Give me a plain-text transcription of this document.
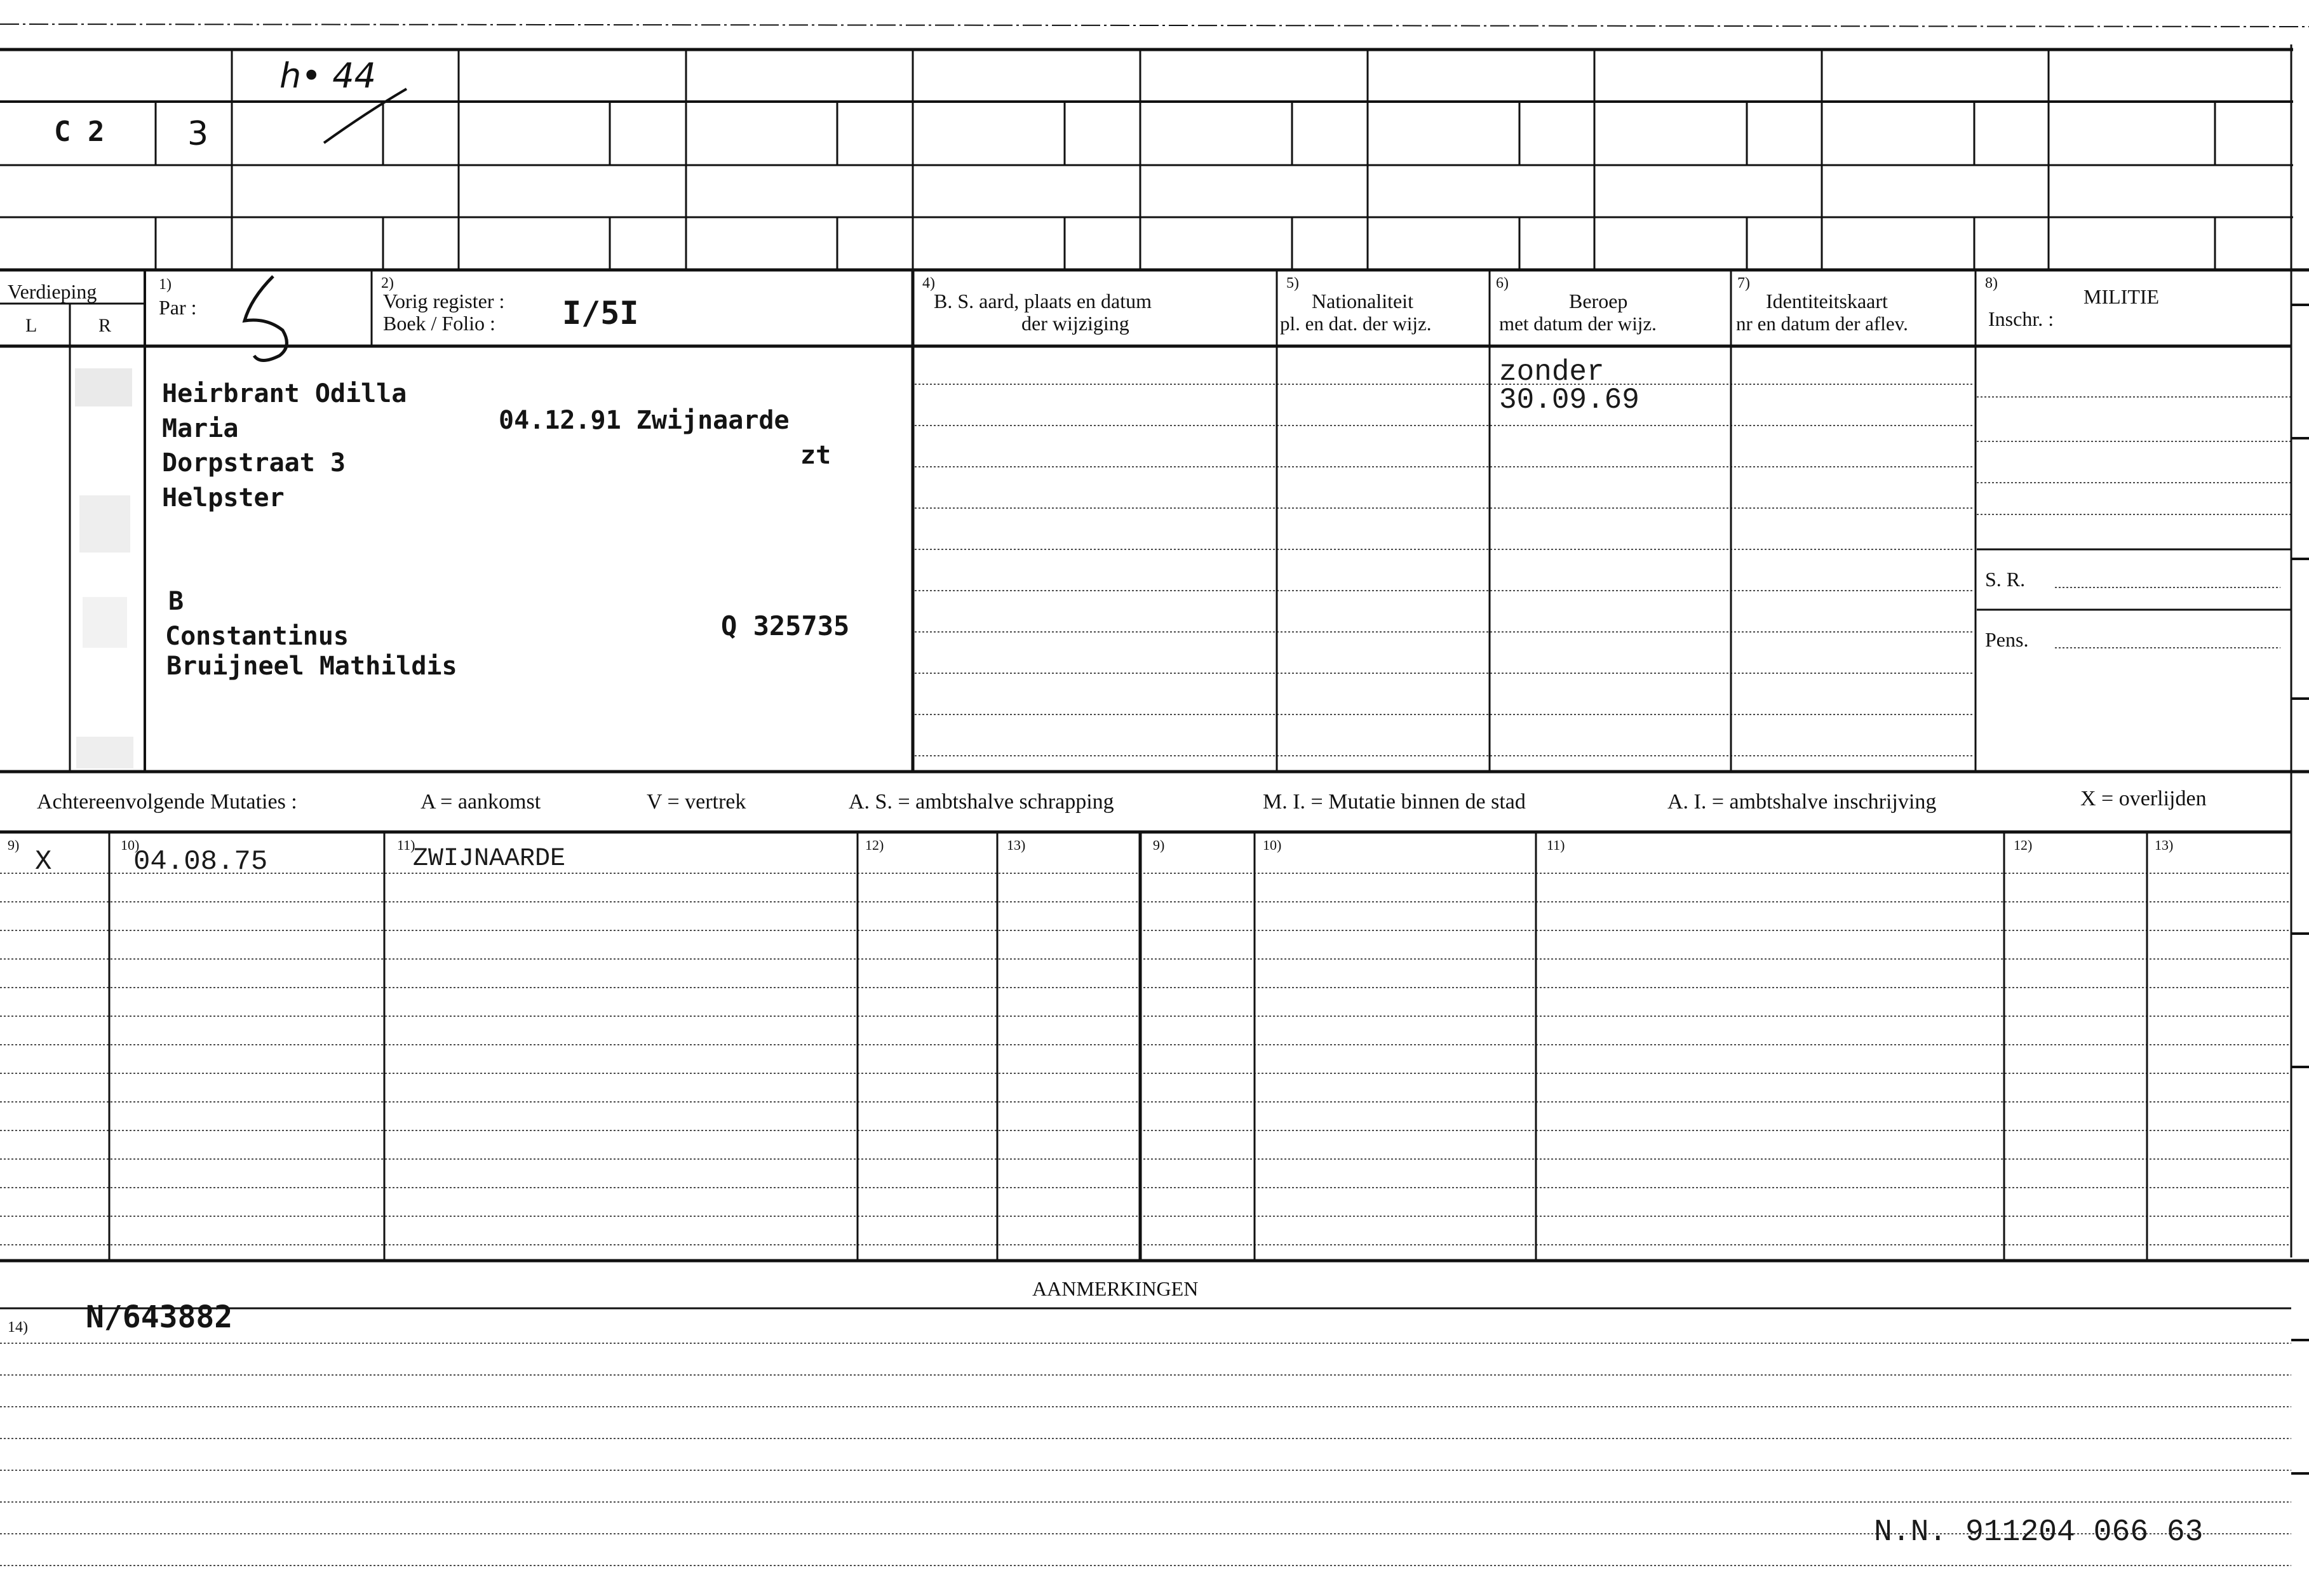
C 2	3
h• 44
Verdieping
L	R
1)
Par :
2)
Vorig register :
Boek / Folio : I/5I
4)
B. S. aard, plaats en datum
der wijziging
5)
Nationaliteit
pl. en dat. der wijz.
6)
Beroep
met datum der wijz.
7)
Identiteitskaart
nr en datum der aflev.
8)
MILITIE
Inschr. :
S. R.
Pens.
Heirbrant Odilla
Maria	04.12.91 Zwijnaarde
Dorpstraat 3	zt
Helpster
B
Constantinus	Q 325735
Bruijneel Mathildis
zonder
30.09.69
Achtereenvolgende Mutaties :	A = aankomst	V = vertrek	A. S. = ambtshalve schrapping	M. I. = Mutatie binnen de stad	A. I. = ambtshalve inschrijving	X = overlijden
9)	10)	11)	12)	13)	9)	10)	11)	12)	13)
X	04.08.75	ZWIJNAARDE
AANMERKINGEN
14) N/643882
N.N. 911204 066 63
